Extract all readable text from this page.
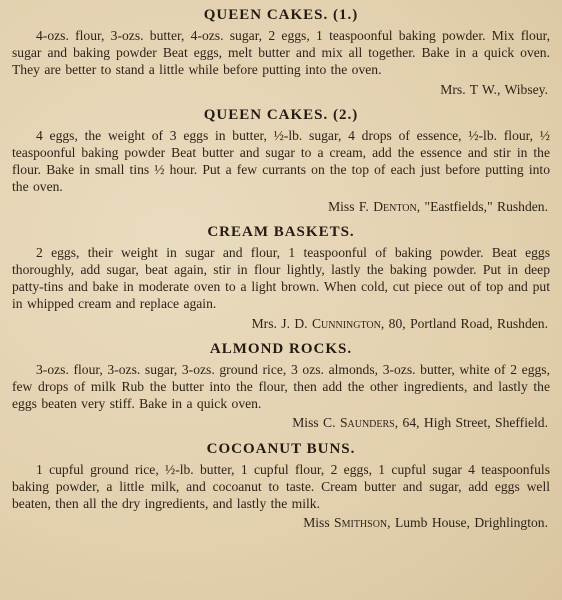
QUEEN CAKES. (1.)

4-ozs. flour, 3-ozs. butter, 4-ozs. sugar, 2 eggs, 1 teaspoonful baking powder. Mix flour, sugar and baking powder Beat eggs, melt butter and mix all together. Bake in a quick oven. They are better to stand a little while before putting into the oven.

Mrs. T W., Wibsey.
QUEEN CAKES. (2.)

4 eggs, the weight of 3 eggs in butter, ½-lb. sugar, 4 drops of essence, ½-lb. flour, ½ teaspoonful baking powder Beat butter and sugar to a cream, add the essence and stir in the flour. Bake in small tins ½ hour. Put a few currants on the top of each just before putting into the oven.

Miss F. Denton, "Eastfields," Rushden.
CREAM BASKETS.

2 eggs, their weight in sugar and flour, 1 teaspoonful of baking powder. Beat eggs thoroughly, add sugar, beat again, stir in flour lightly, lastly the baking powder. Put in deep patty-tins and bake in moderate oven to a light brown. When cold, cut piece out of top and put in whipped cream and replace again.

Mrs. J. D. Cunnington, 80, Portland Road, Rushden.
ALMOND ROCKS.

3-ozs. flour, 3-ozs. sugar, 3-ozs. ground rice, 3 ozs. almonds, 3-ozs. butter, white of 2 eggs, few drops of milk Rub the butter into the flour, then add the other ingredients, and lastly the eggs beaten very stiff. Bake in a quick oven.

Miss C. Saunders, 64, High Street, Sheffield.
COCOANUT BUNS.

1 cupful ground rice, ½-lb. butter, 1 cupful flour, 2 eggs, 1 cupful sugar 4 teaspoonfuls baking powder, a little milk, and cocoanut to taste. Cream butter and sugar, add eggs well beaten, then all the dry ingredients, and lastly the milk.

Miss Smithson, Lumb House, Drighlington.
